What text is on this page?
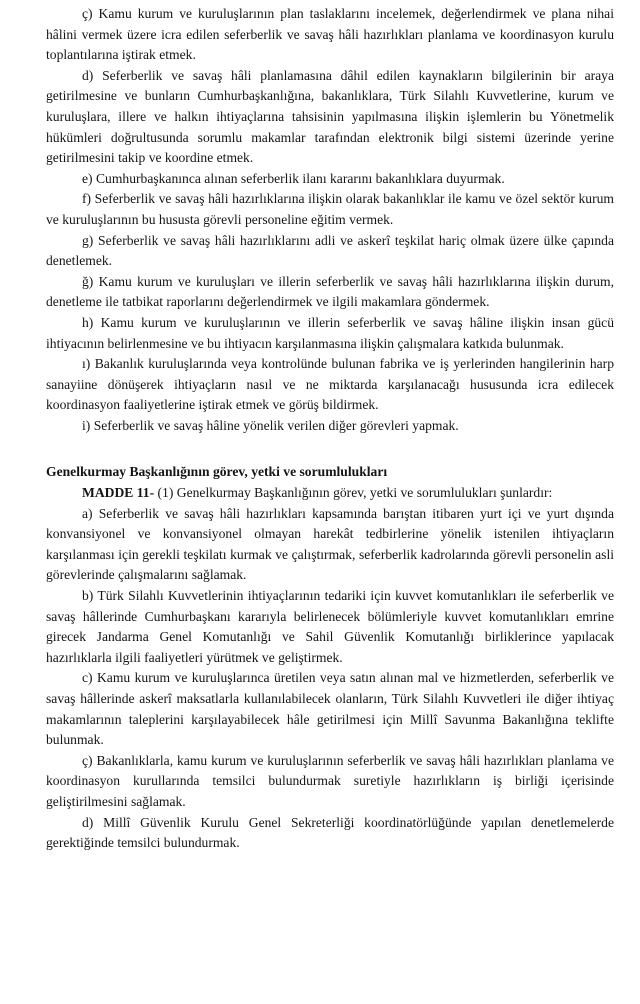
ç) Kamu kurum ve kuruluşlarının plan taslaklarını incelemek, değerlendirmek ve plana nihai hâlini vermek üzere icra edilen seferberlik ve savaş hâli hazırlıkları planlama ve koordinasyon kurulu toplantılarına iştirak etmek.

d) Seferberlik ve savaş hâli planlamasına dâhil edilen kaynakların bilgilerinin bir araya getirilmesine ve bunların Cumhurbaşkanlığına, bakanlıklara, Türk Silahlı Kuvvetlerine, kurum ve kuruluşlara, illere ve halkın ihtiyaçlarına tahsisinin yapılmasına ilişkin işlemlerin bu Yönetmelik hükümleri doğrultusunda sorumlu makamlar tarafından elektronik bilgi sistemi üzerinde yerine getirilmesini takip ve koordine etmek.

e) Cumhurbaşkanınca alınan seferberlik ilanı kararını bakanlıklara duyurmak.

f) Seferberlik ve savaş hâli hazırlıklarına ilişkin olarak bakanlıklar ile kamu ve özel sektör kurum ve kuruluşlarının bu hususta görevli personeline eğitim vermek.

g) Seferberlik ve savaş hâli hazırlıklarını adli ve askerî teşkilat hariç olmak üzere ülke çapında denetlemek.

ğ) Kamu kurum ve kuruluşları ve illerin seferberlik ve savaş hâli hazırlıklarına ilişkin durum, denetleme ile tatbikat raporlarını değerlendirmek ve ilgili makamlara göndermek.

h) Kamu kurum ve kuruluşlarının ve illerin seferberlik ve savaş hâline ilişkin insan gücü ihtiyacının belirlenmesine ve bu ihtiyacın karşılanmasına ilişkin çalışmalara katkıda bulunmak.

ı) Bakanlık kuruluşlarında veya kontrolünde bulunan fabrika ve iş yerlerinden hangilerinin harp sanayiine dönüşerek ihtiyaçların nasıl ve ne miktarda karşılanacağı hususunda icra edilecek koordinasyon faaliyetlerine iştirak etmek ve görüş bildirmek.

i) Seferberlik ve savaş hâline yönelik verilen diğer görevleri yapmak.

Genelkurmay Başkanlığının görev, yetki ve sorumlulukları

MADDE 11- (1) Genelkurmay Başkanlığının görev, yetki ve sorumlulukları şunlardır:

a) Seferberlik ve savaş hâli hazırlıkları kapsamında barıştan itibaren yurt içi ve yurt dışında konvansiyonel ve konvansiyonel olmayan harekât tedbirlerine yönelik istenilen ihtiyaçların karşılanması için gerekli teşkilatı kurmak ve çalıştırmak, seferberlik kadrolarında görevli personelin asli görevlerinde çalışmalarını sağlamak.

b) Türk Silahlı Kuvvetlerinin ihtiyaçlarının tedariki için kuvvet komutanlıkları ile seferberlik ve savaş hâllerinde Cumhurbaşkanı kararıyla belirlenecek bölümleriyle kuvvet komutanlıkları emrine girecek Jandarma Genel Komutanlığı ve Sahil Güvenlik Komutanlığı birliklerince yapılacak hazırlıklarla ilgili faaliyetleri yürütmek ve geliştirmek.

c) Kamu kurum ve kuruluşlarınca üretilen veya satın alınan mal ve hizmetlerden, seferberlik ve savaş hâllerinde askerî maksatlarla kullanılabilecek olanların, Türk Silahlı Kuvvetleri ile diğer ihtiyaç makamlarının taleplerini karşılayabilecek hâle getirilmesi için Millî Savunma Bakanlığına teklifte bulunmak.

ç) Bakanlıklarla, kamu kurum ve kuruluşlarının seferberlik ve savaş hâli hazırlıkları planlama ve koordinasyon kurullarında temsilci bulundurmak suretiyle hazırlıkların iş birliği içerisinde geliştirilmesini sağlamak.

d) Millî Güvenlik Kurulu Genel Sekreterliği koordinatörlüğünde yapılan denetlemelerde gerektiğinde temsilci bulundurmak.
